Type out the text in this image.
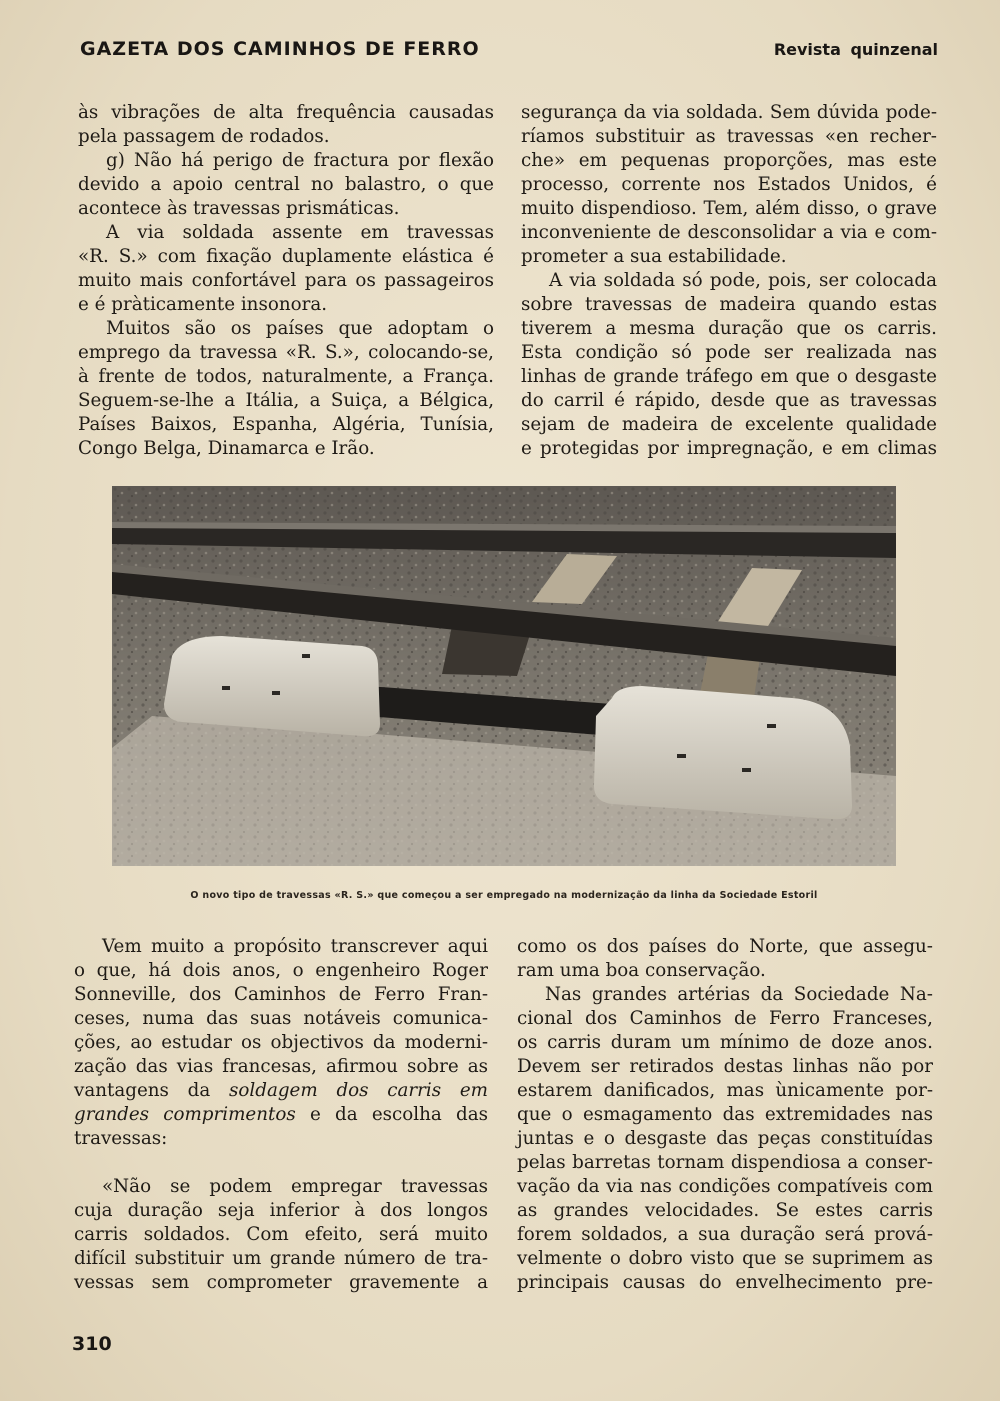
GAZETA DOS CAMINHOS DE FERRO	Revista quinzenal
às vibrações de alta frequência causadas
pela passagem de rodados.
g) Não há perigo de fractura por flexão
devido a apoio central no balastro, o que
acontece às travessas prismáticas.
A via soldada assente em travessas
«R. S.» com fixação duplamente elástica é
muito mais confortável para os passageiros
e é pràticamente insonora.
Muitos são os países que adoptam o
emprego da travessa «R. S.», colocando-se,
à frente de todos, naturalmente, a França.
Seguem-se-lhe a Itália, a Suiça, a Bélgica,
Países Baixos, Espanha, Algéria, Tunísia,
Congo Belga, Dinamarca e Irão.
segurança da via soldada. Sem dúvida pode-
ríamos substituir as travessas «en recher-
che» em pequenas proporções, mas este
processo, corrente nos Estados Unidos, é
muito dispendioso. Tem, além disso, o grave
inconveniente de desconsolidar a via e com-
prometer a sua estabilidade.
A via soldada só pode, pois, ser colocada
sobre travessas de madeira quando estas
tiverem a mesma duração que os carris.
Esta condição só pode ser realizada nas
linhas de grande tráfego em que o desgaste
do carril é rápido, desde que as travessas
sejam de madeira de excelente qualidade
e protegidas por impregnação, e em climas
O novo tipo de travessas «R. S.» que começou a ser empregado na modernização da linha da Sociedade Estoril
Vem muito a propósito transcrever aqui
o que, há dois anos, o engenheiro Roger
Sonneville, dos Caminhos de Ferro Fran-
ceses, numa das suas notáveis comunica-
ções, ao estudar os objectivos da moderni-
zação das vias francesas, afirmou sobre as
vantagens da soldagem dos carris em
grandes comprimentos e da escolha das
travessas:
«Não se podem empregar travessas
cuja duração seja inferior à dos longos
carris soldados. Com efeito, será muito
difícil substituir um grande número de tra-
vessas sem comprometer gravemente a
como os dos países do Norte, que assegu-
ram uma boa conservação.
Nas grandes artérias da Sociedade Na-
cional dos Caminhos de Ferro Franceses,
os carris duram um mínimo de doze anos.
Devem ser retirados destas linhas não por
estarem danificados, mas ùnicamente por-
que o esmagamento das extremidades nas
juntas e o desgaste das peças constituídas
pelas barretas tornam dispendiosa a conser-
vação da via nas condições compatíveis com
as grandes velocidades. Se estes carris
forem soldados, a sua duração será prová-
velmente o dobro visto que se suprimem as
principais causas do envelhecimento pre-
310
